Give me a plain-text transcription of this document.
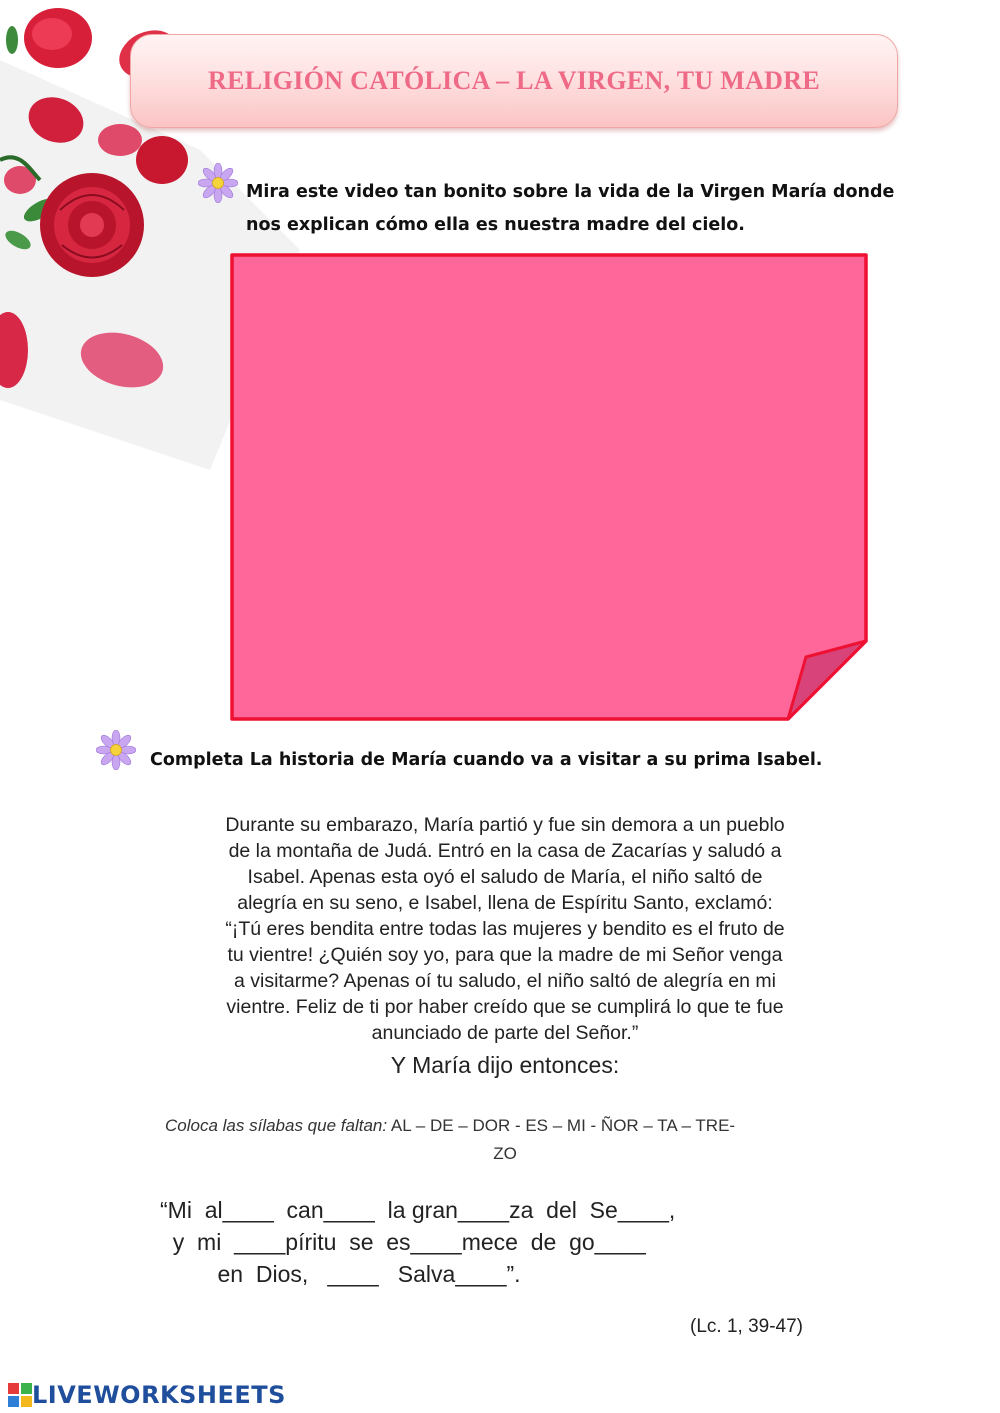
RELIGIÓN CATÓLICA – LA VIRGEN, TU MADRE
Mira este video tan bonito sobre la vida de la Virgen María donde
nos explican cómo ella es nuestra madre del cielo.
Completa La historia de María cuando va a visitar a su prima Isabel.
Durante su embarazo, María partió y fue sin demora a un pueblo
de la montaña de Judá. Entró en la casa de Zacarías y saludó a
Isabel. Apenas esta oyó el saludo de María, el niño saltó de
alegría en su seno, e Isabel, llena de Espíritu Santo, exclamó:
“¡Tú eres bendita entre todas las mujeres y bendito es el fruto de
tu vientre! ¿Quién soy yo, para que la madre de mi Señor venga
a visitarme? Apenas oí tu saludo, el niño saltó de alegría en mi
vientre. Feliz de ti por haber creído que se cumplirá lo que te fue
anunciado de parte del Señor.”
Y María dijo entonces:
Coloca las sílabas que faltan: AL – DE – DOR - ES – MI - ÑOR – TA – TRE-
ZO
“Mi  al____  can____  la gran____za  del  Se____,
y  mi  ____píritu  se  es____mece  de  go____
en  Dios,   ____   Salva____”.
(Lc. 1, 39-47)
LIVEWORKSHEETS
